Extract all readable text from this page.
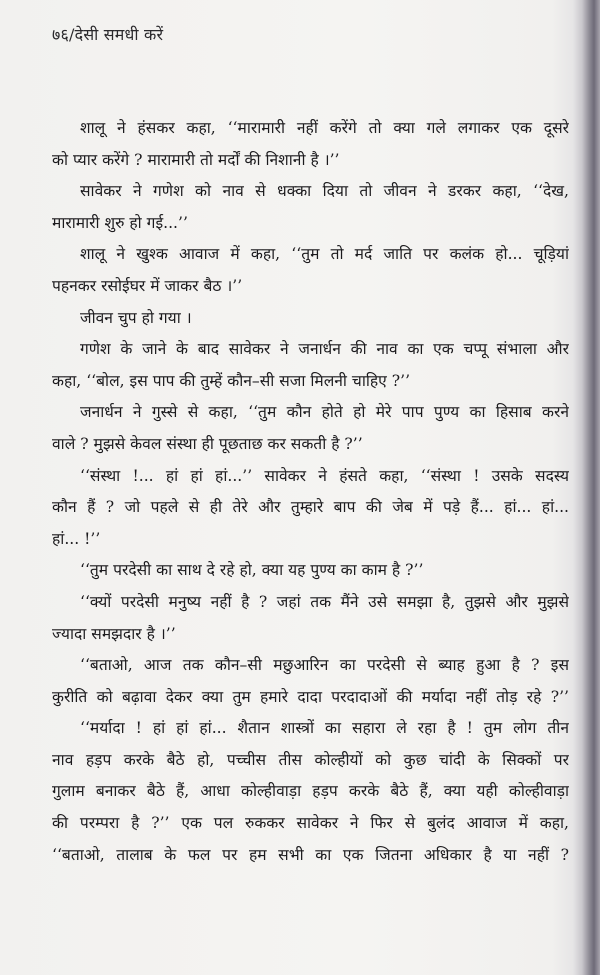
७६/देसी समधी करें
शालू ने हंसकर कहा, ‘‘मारामारी नहीं करेंगे तो क्या गले लगाकर एक दूसरे
को प्यार करेंगे ? मारामारी तो मर्दों की निशानी है ।’’
सावेकर ने गणेश को नाव से धक्का दिया तो जीवन ने डरकर कहा, ‘‘देख,
मारामारी शुरु हो गई...’’
शालू ने खुश्क आवाज में कहा, ‘‘तुम तो मर्द जाति पर कलंक हो... चूड़ियां
पहनकर रसोईघर में जाकर बैठ ।’’
जीवन चुप हो गया ।
गणेश के जाने के बाद सावेकर ने जनार्धन की नाव का एक चप्पू संभाला और
कहा, ‘‘बोल, इस पाप की तुम्हें कौन–सी सजा मिलनी चाहिए ?’’
जनार्धन ने गुस्से से कहा, ‘‘तुम कौन होते हो मेरे पाप पुण्य का हिसाब करने
वाले ? मुझसे केवल संस्था ही पूछताछ कर सकती है ?’’
‘‘संस्था !... हां हां हां...’’ सावेकर ने हंसते कहा, ‘‘संस्था ! उसके सदस्य
कौन हैं ? जो पहले से ही तेरे और तुम्हारे बाप की जेब में पड़े हैं... हां... हां...
हां... !’’
‘‘तुम परदेसी का साथ दे रहे हो, क्या यह पुण्य का काम है ?’’
‘‘क्यों परदेसी मनुष्य नहीं है ? जहां तक मैंने उसे समझा है, तुझसे और मुझसे
ज्यादा समझदार है ।’’
‘‘बताओ, आज तक कौन–सी मछुआरिन का परदेसी से ब्याह हुआ है ? इस
कुरीति को बढ़ावा देकर क्या तुम हमारे दादा परदादाओं की मर्यादा नहीं तोड़ रहे ?’’
‘‘मर्यादा ! हां हां हां... शैतान शास्त्रों का सहारा ले रहा है ! तुम लोग तीन
नाव हड़प करके बैठे हो, पच्चीस तीस कोल्हीयों को कुछ चांदी के सिक्कों पर
गुलाम बनाकर बैठे हैं, आधा कोल्हीवाड़ा हड़प करके बैठे हैं, क्या यही कोल्हीवाड़ा
की परम्परा है ?’’ एक पल रुककर सावेकर ने फिर से बुलंद आवाज में कहा,
‘‘बताओ, तालाब के फल पर हम सभी का एक जितना अधिकार है या नहीं ?
